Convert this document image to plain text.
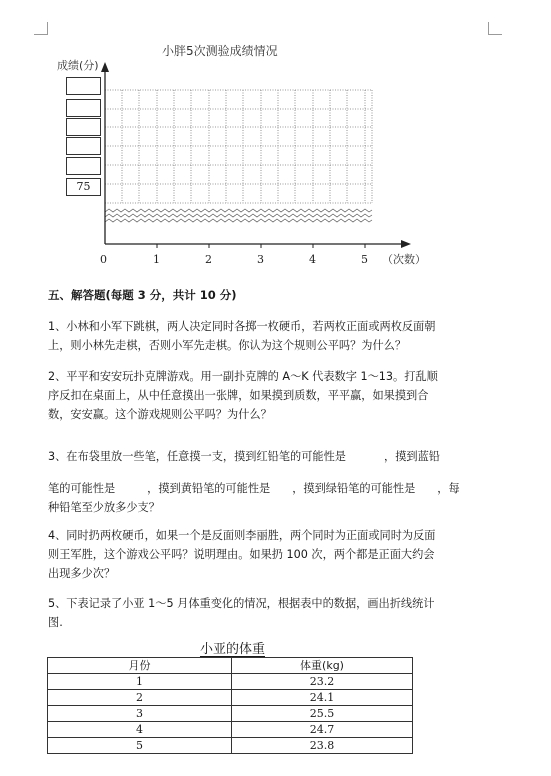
小胖5次测验成绩情况
成绩(分)
75
0	1	2	3	4	5 （次数）
五、解答题(每题 3 分，共计 10 分)
1、小林和小军下跳棋，两人决定同时各掷一枚硬币，若两枚正面或两枚反面朝
上，则小林先走棋，否则小军先走棋。你认为这个规则公平吗？为什么？
2、平平和安安玩扑克牌游戏。用一副扑克牌的 A～K 代表数字 1～13。打乱顺
序反扣在桌面上，从中任意摸出一张牌，如果摸到质数，平平赢，如果摸到合
数，安安赢。这个游戏规则公平吗？为什么？
3、在布袋里放一些笔，任意摸一支，摸到红铅笔的可能性是	，摸到蓝铅
笔的可能性是	，摸到黄铅笔的可能性是 ，摸到绿铅笔的可能性是 ，每
种铅笔至少放多少支？
4、同时扔两枚硬币，如果一个是反面则李丽胜，两个同时为正面或同时为反面
则王军胜，这个游戏公平吗？说明理由。如果扔 100 次，两个都是正面大约会
出现多少次？
5、下表记录了小亚 1～5 月体重变化的情况，根据表中的数据，画出折线统计
图.
小亚的体重
月份	体重(kg)
1	23.2
2	24.1
3	25.5
4	24.7
5	23.8
